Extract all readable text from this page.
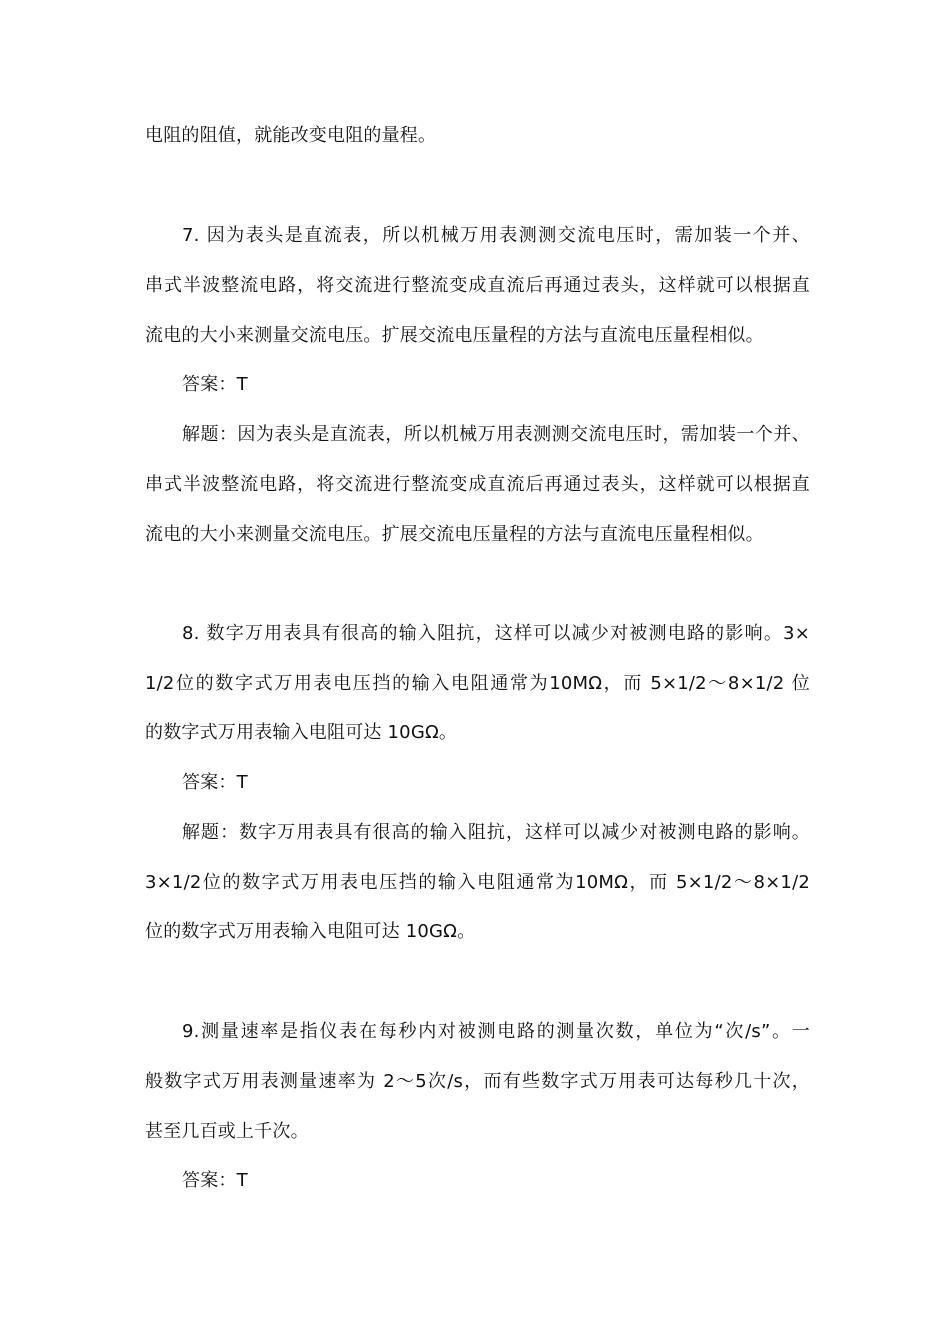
电阻的阻值，就能改变电阻的量程。
7. 因为表头是直流表，所以机械万用表测测交流电压时，需加装一个并、
串式半波整流电路，将交流进行整流变成直流后再通过表头，这样就可以根据直
流电的大小来测量交流电压。扩展交流电压量程的方法与直流电压量程相似。
答案：T
解题：因为表头是直流表，所以机械万用表测测交流电压时，需加装一个并、
串式半波整流电路，将交流进行整流变成直流后再通过表头，这样就可以根据直
流电的大小来测量交流电压。扩展交流电压量程的方法与直流电压量程相似。
8. 数字万用表具有很高的输入阻抗，这样可以减少对被测电路的影响。3×
1/2位的数字式万用表电压挡的输入电阻通常为10MΩ，而 5×1/2～8×1/2 位
的数字式万用表输入电阻可达 10GΩ。
答案：T
解题：数字万用表具有很高的输入阻抗，这样可以减少对被测电路的影响。
3×1/2位的数字式万用表电压挡的输入电阻通常为10MΩ，而 5×1/2～8×1/2
位的数字式万用表输入电阻可达 10GΩ。
9.测量速率是指仪表在每秒内对被测电路的测量次数，单位为“次/s”。一
般数字式万用表测量速率为 2～5次/s，而有些数字式万用表可达每秒几十次，
甚至几百或上千次。
答案：T
